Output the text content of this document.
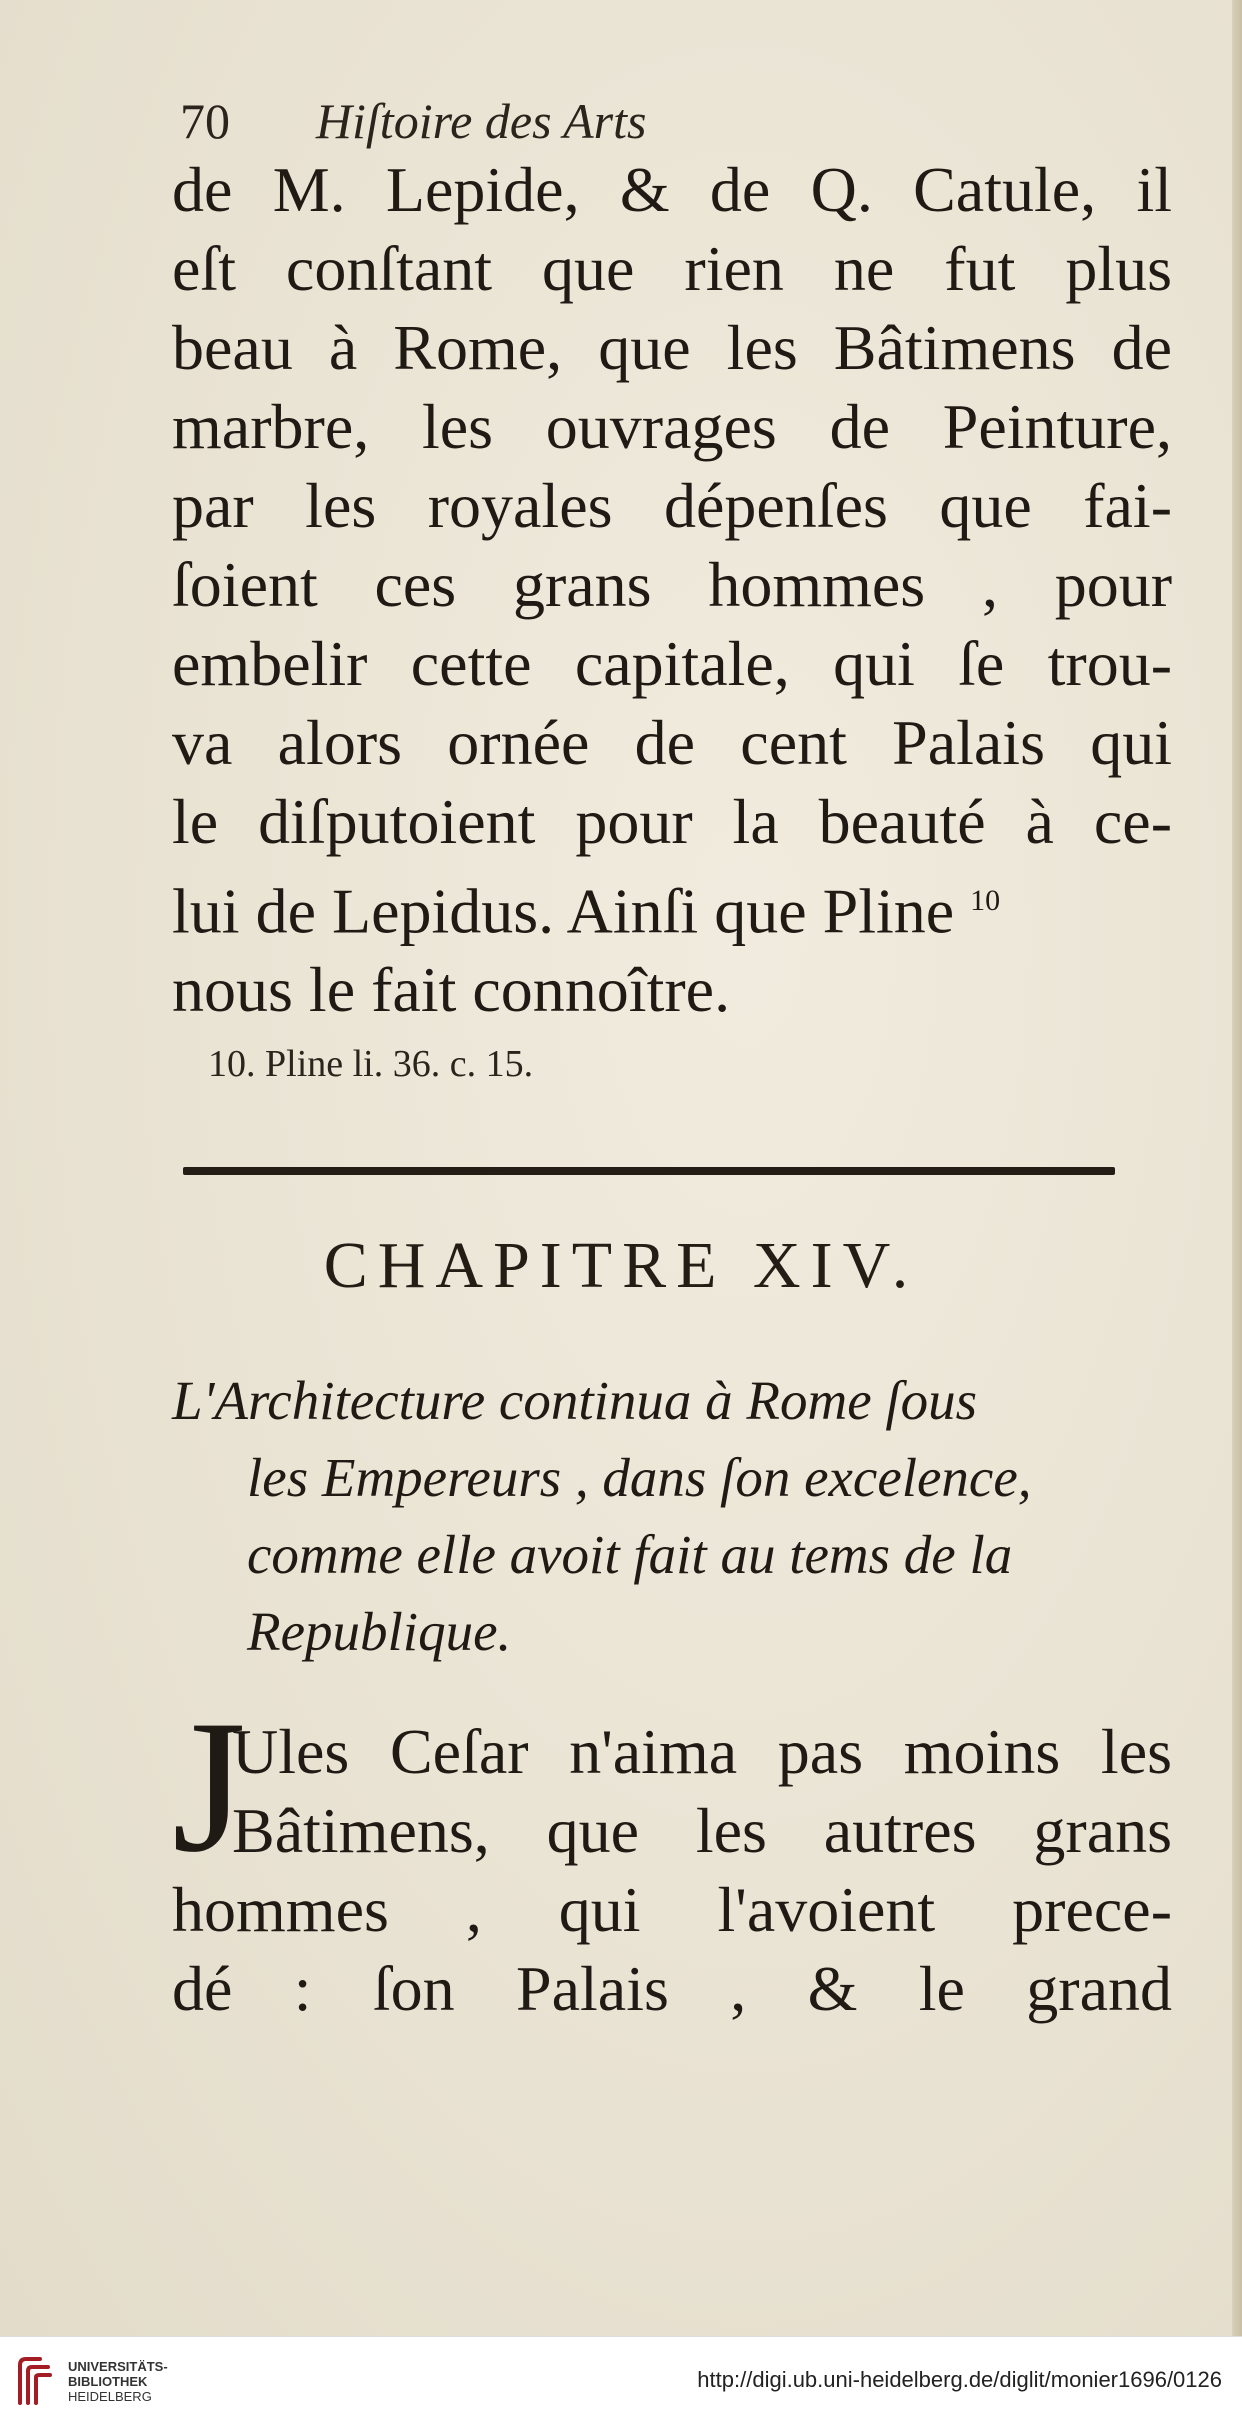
70 Hiſtoire des Arts

de M. Lepide, & de Q. Catule, il
eſt conſtant que rien ne fut plus
beau à Rome, que les Bâtimens de
marbre, les ouvrages de Peinture,
par les royales dépenſes que fai-
ſoient ces grans hommes , pour
embelir cette capitale, qui ſe trou-
va alors ornée de cent Palais qui
le diſputoient pour la beauté à ce-
lui de Lepidus. Ainſi que Pline $^{10}$
nous le fait connoître.

10. Pline li. 36. c. 15.
CHAPITRE XIV.
L'Architecture continua à Rome ſous
les Empereurs , dans ſon excelence,
comme elle avoit fait au tems de la
Republique.
J

Ules Ceſar n'aima pas moins les
Bâtimens, que les autres grans
hommes , qui l'avoient prece-
dé : ſon Palais , & le grand

UNIVERSITÄTS-
BIBLIOTHEK
HEIDELBERG
http://digi.ub.uni-heidelberg.de/diglit/monier1696/0126
